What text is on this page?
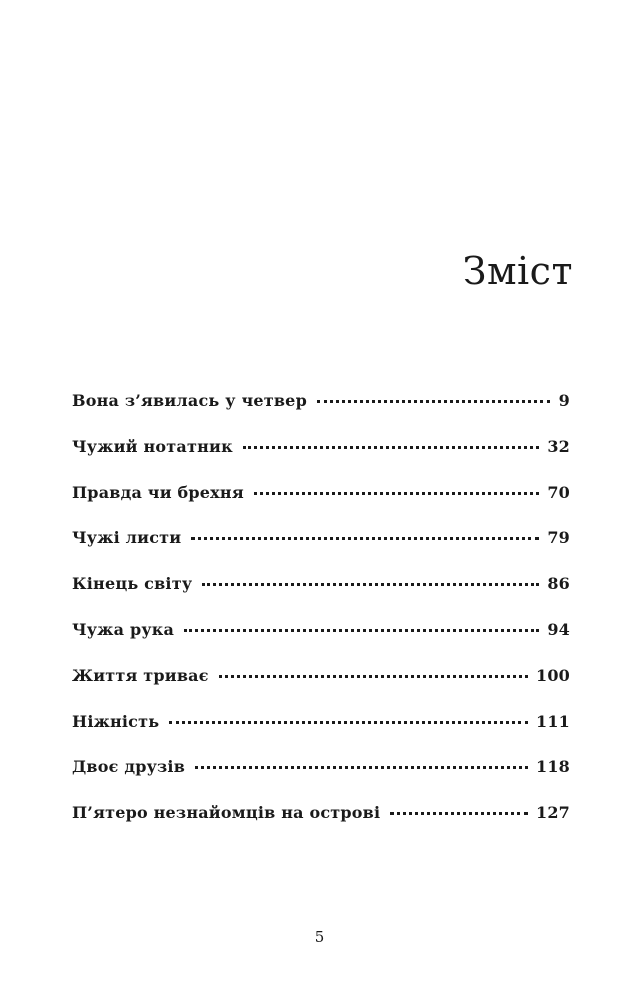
Зміст
Вона з’явилась у четвер	9
Чужий нотатник	32
Правда чи брехня	70
Чужі листи	79
Кінець світу	86
Чужа рука	94
Життя триває	100
Ніжність	111
Двоє друзів	118
П’ятеро незнайомців на острові	127
5
